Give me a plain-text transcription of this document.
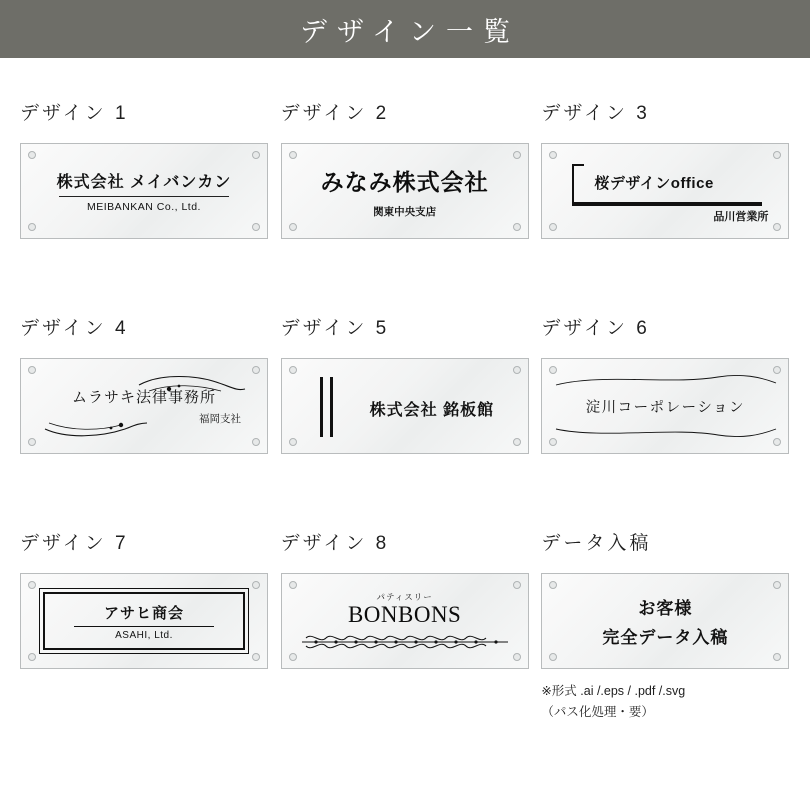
デザイン一覧
デザイン 1
株式会社 メイバンカン
MEIBANKAN Co., Ltd.
デザイン 2
みなみ株式会社
関東中央支店
デザイン 3
桜デザインoffice
品川営業所
デザイン 4
ムラサキ法律事務所
福岡支社
デザイン 5
株式会社 銘板館
デザイン 6
淀川コーポレーション
デザイン 7
アサヒ商会
ASAHI, Ltd.
デザイン 8
パティスリー
BONBONS
データ入稿
お客様
完全データ入稿
※形式 .ai /.eps / .pdf /.svg
（パス化処理・要）
